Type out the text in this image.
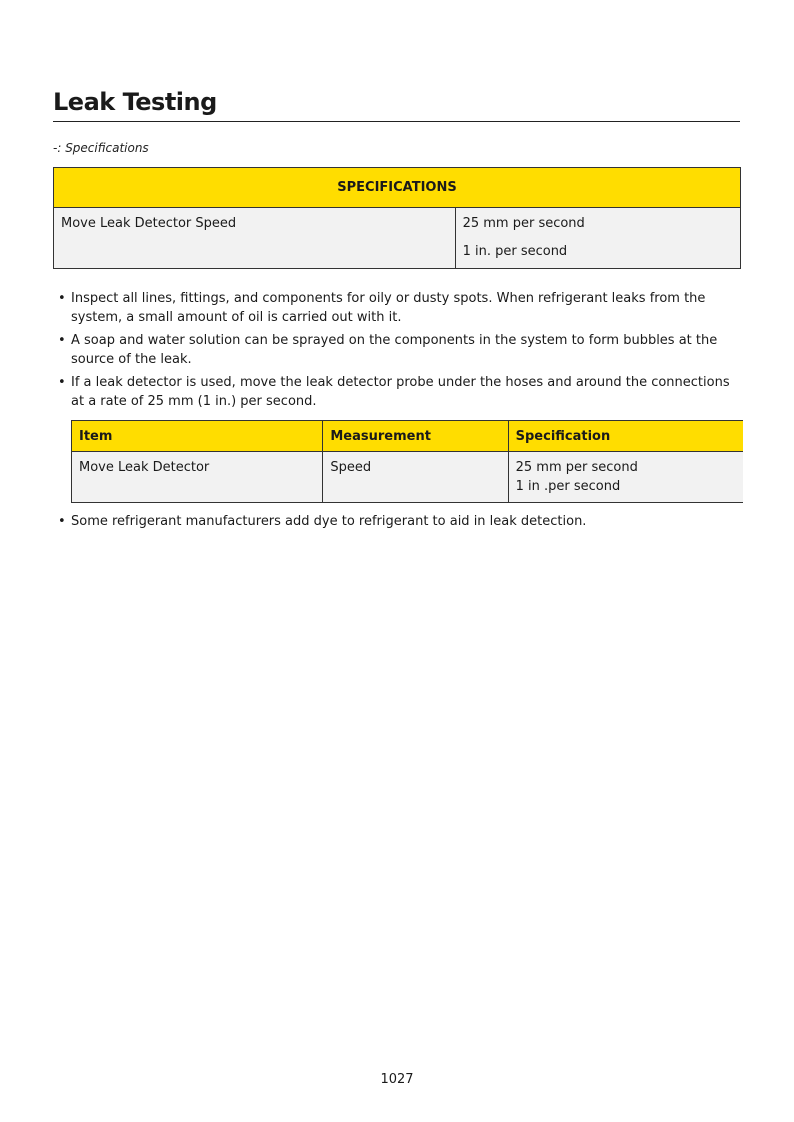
Leak Testing
-: Specifications
SPECIFICATIONS
Move Leak Detector Speed	25 mm per second
1 in. per second
• Inspect all lines, fittings, and components for oily or dusty spots. When refrigerant leaks from the system, a small amount of oil is carried out with it.
• A soap and water solution can be sprayed on the components in the system to form bubbles at the source of the leak.
• If a leak detector is used, move the leak detector probe under the hoses and around the connections at a rate of 25 mm (1 in.) per second.
Item	Measurement	Specification
Move Leak Detector	Speed	25 mm per second
1 in .per second
• Some refrigerant manufacturers add dye to refrigerant to aid in leak detection.
1027
